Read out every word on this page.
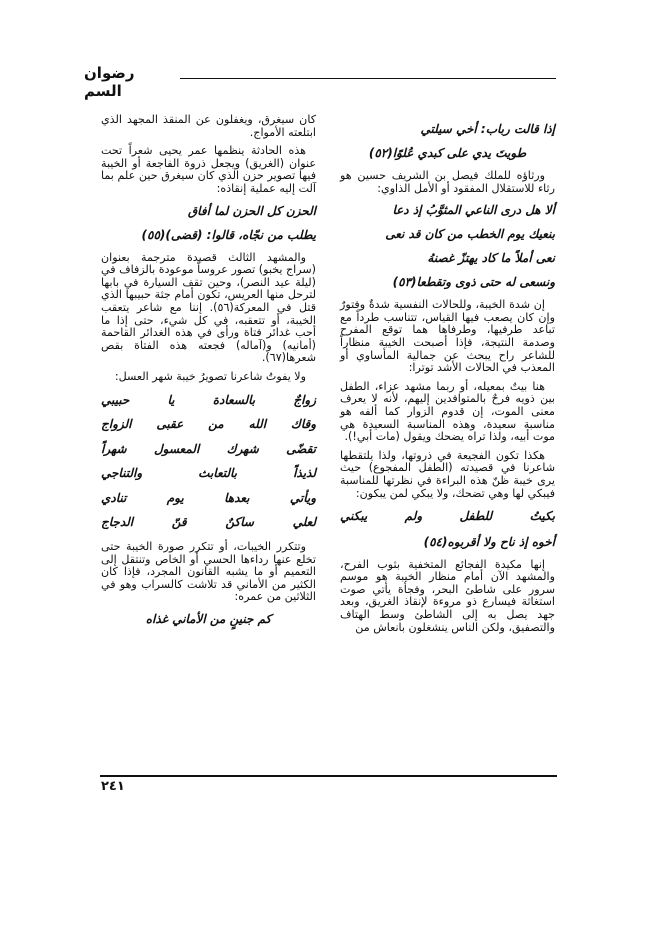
رضوان السم
إذا قالت رباب: أخي سيلتي
طويتَ يدي على كبدي عُلوًا(٥٢)

ورثاؤه للملك فيصل بن الشريف حسين هو رثاء للاستقلال المفقود أو الأمل الذاوي:

ألا هل درى الناعي المثوَّبُ إذ دعا
بنعيك يوم الخطب من كان قد نعى
نعى أملاً ما كاد يهتزّ غصنهُ
ونسعى له حتى ذوى وتقطعا(٥٣)

إن شدة الخيبة، وللحالات النفسية شدةٌ وفتورٌ وإن كان يصعب فيها القياس، تتناسب طرداً مع تباعد طرفيها، وطرفاها هما توقع المفرح وصدمة النتيجة، فإذا أصبحت الخيبة منظاراً للشاعر راح يبحث عن جمالية المأساوي أو المعذب في الحالات الأشد توترا:

هنا بيتٌ بمعيله، أو ربما مشهد عزاء، الطفل بين ذويه فرحٌ بالمتوافدين إليهم، لأنه لا يعرف معنى الموت، إن قدوم الزوار كما ألفه هو مناسبة سعيدة، وهذه المناسبة السعيدة هي موت أبيه، ولذا تراه يضحك ويقول (مات أبي!).

هكذا تكون الفجيعة في ذروتها، ولذا يلتقطها شاعرنا في قصيدته (الطفل المفجوع) حيث يرى خيبة ظنّ هذه البراءة في نظرتها للمناسبة فيبكي لها وهي تضحك، ولا يبكي لمن يبكون:

بكيتُ
للطفل
ولم
يبكني
أخوه إذ ناح ولا أقربوه(٥٤)

إنها مكيدة الفجائع المتخفية بثوب الفرح، والمشهد الآن أمام منظار الخيبة هو موسم سرور على شاطئ البحر، وفجأة يأتي صوت استغاثة فيسارع ذو مروءة لإنقاذ الغريق، وبعد جهد يصل به إلى الشاطئ وسط الهتاف والتصفيق، ولكن الناس ينشغلون بانعاش من

كان سيغرق، ويغفلون عن المنقذ المجهد الذي ابتلعته الأمواج.

هذه الحادثة ينظمها عمر يحيى شعراً تحت عنوان (الغريق) ويجعل ذروة الفاجعة أو الخيبة فيها تصوير حزن الذي كان سيغرق حين علم بما آلت إليه عملية إنقاذه:

الحزن كل الحزن لما أفاق
يطلب من نجّاه، قالوا: (قضى)(٥٥)

والمشهد الثالث قصيدة مترجمة بعنوان (سراج يخبو) تصور عروساً موعودة بالزفاف في (ليلة عيد النصر)، وحين تقف السيارة في بابها لترحل منها العريس، تكون أمام جثة حبيبها الذي قتل في المعركة(٥٦). إننا مع شاعر يتعقب الخيبة، أو تتعقبه، في كل شيء، حتى إذا ما أحب غدائر فتاة ورأى في هذه الغدائر القاحمة (أمانيه) و(آماله) فجعته هذه الفتاة بقص شعرها(٦٧).

ولا يفوتُ شاعرنا تصويرُ خيبة شهر العسل:

زواجٌ
بالسعادة
يا
حبيبي
وقاك
الله
من
عقبى
الزواج
تقضّى
شهرك
المعسول
شهراً
لذيذاً
بالتعابث
والتناجي
ويأتي
بعدها
يوم
تنادي
لعلي
ساكنٌ
قنّ
الدجاج

وتتكرر الخيبات، أو تتكرر صورة الخيبة حتى تخلع عنها رداءها الحسي أو الخاص وتنتقل إلى التعميم أو ما يشبه القانون المجرد، فإذا كان الكثير من الأماني قد تلاشت كالسراب وهو في الثلاثين من عمره:

كم جنينٍ من الأماني غذاه
٢٤١
